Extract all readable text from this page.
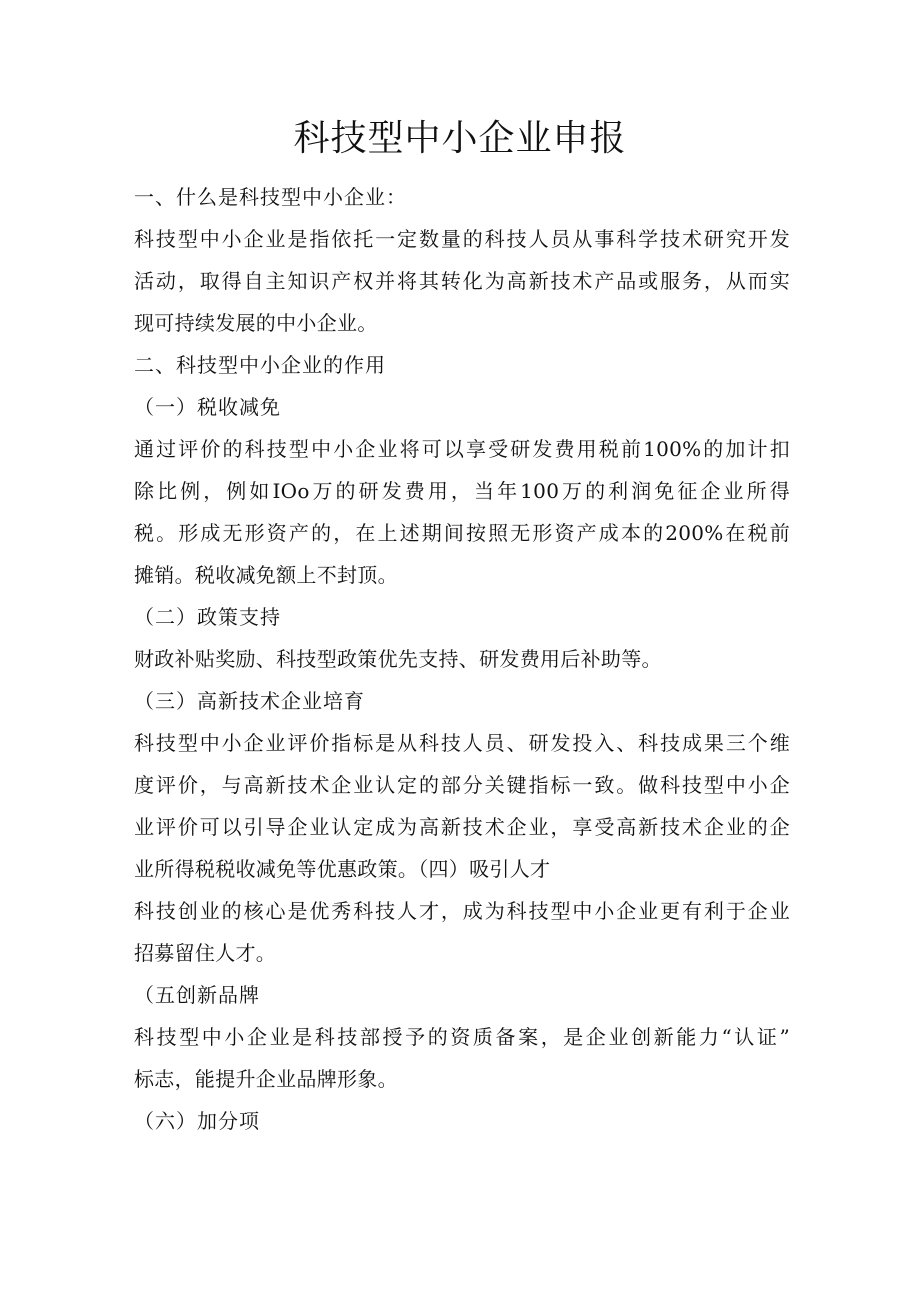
科技型中小企业申报
一、什么是科技型中小企业：
科技型中小企业是指依托一定数量的科技人员从事科学技术研究开发
活动，取得自主知识产权并将其转化为高新技术产品或服务，从而实
现可持续发展的中小企业。
二、科技型中小企业的作用
（一）税收减免
通过评价的科技型中小企业将可以享受研发费用税前100%的加计扣
除比例，例如IOo万的研发费用，当年100万的利润免征企业所得
税。形成无形资产的，在上述期间按照无形资产成本的200%在税前
摊销。税收减免额上不封顶。
（二）政策支持
财政补贴奖励、科技型政策优先支持、研发费用后补助等。
（三）高新技术企业培育
科技型中小企业评价指标是从科技人员、研发投入、科技成果三个维
度评价，与高新技术企业认定的部分关键指标一致。做科技型中小企
业评价可以引导企业认定成为高新技术企业，享受高新技术企业的企
业所得税税收减免等优惠政策。（四）吸引人才
科技创业的核心是优秀科技人才，成为科技型中小企业更有利于企业
招募留住人才。
（五创新品牌
科技型中小企业是科技部授予的资质备案，是企业创新能力“认证”
标志，能提升企业品牌形象。
（六）加分项
